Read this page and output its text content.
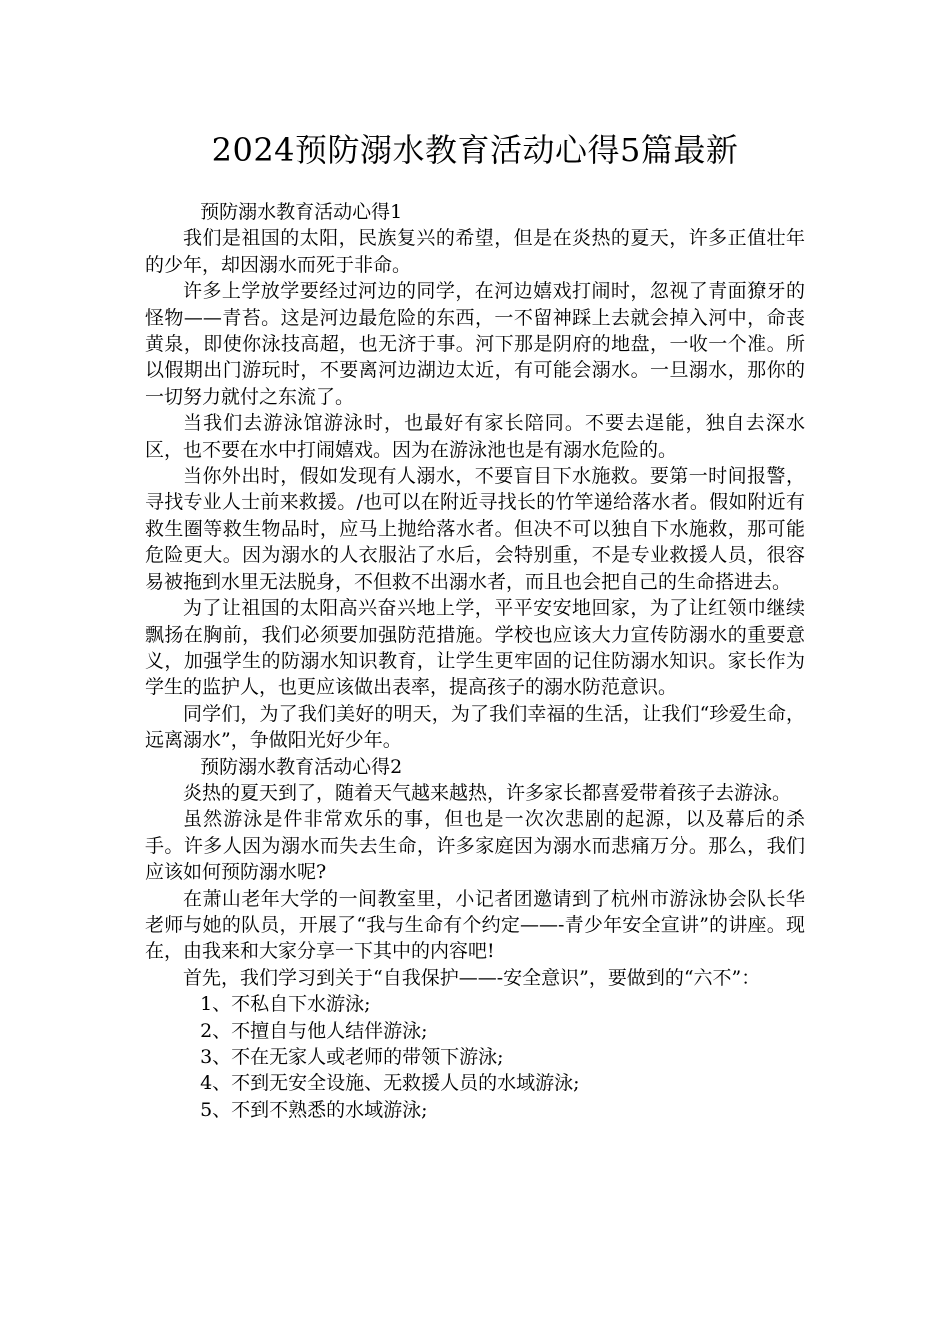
2024预防溺水教育活动心得5篇最新

预防溺水教育活动心得1

我们是祖国的太阳，民族复兴的希望，但是在炎热的夏天，许多正值壮年的少年，却因溺水而死于非命。

许多上学放学要经过河边的同学，在河边嬉戏打闹时，忽视了青面獠牙的怪物——青苔。这是河边最危险的东西，一不留神踩上去就会掉入河中，命丧黄泉，即使你泳技高超，也无济于事。河下那是阴府的地盘，一收一个准。所以假期出门游玩时，不要离河边湖边太近，有可能会溺水。一旦溺水，那你的一切努力就付之东流了。

当我们去游泳馆游泳时，也最好有家长陪同。不要去逞能，独自去深水区，也不要在水中打闹嬉戏。因为在游泳池也是有溺水危险的。

当你外出时，假如发现有人溺水，不要盲目下水施救。要第一时间报警，寻找专业人士前来救援。/也可以在附近寻找长的竹竿递给落水者。假如附近有救生圈等救生物品时，应马上抛给落水者。但决不可以独自下水施救，那可能危险更大。因为溺水的人衣服沾了水后，会特别重，不是专业救援人员，很容易被拖到水里无法脱身，不但救不出溺水者，而且也会把自己的生命搭进去。

为了让祖国的太阳高兴奋兴地上学，平平安安地回家，为了让红领巾继续飘扬在胸前，我们必须要加强防范措施。学校也应该大力宣传防溺水的重要意义，加强学生的防溺水知识教育，让学生更牢固的记住防溺水知识。家长作为学生的监护人，也更应该做出表率，提高孩子的溺水防范意识。

同学们，为了我们美好的明天，为了我们幸福的生活，让我们“珍爱生命，远离溺水”，争做阳光好少年。

预防溺水教育活动心得2

炎热的夏天到了，随着天气越来越热，许多家长都喜爱带着孩子去游泳。

虽然游泳是件非常欢乐的事，但也是一次次悲剧的起源，以及幕后的杀手。许多人因为溺水而失去生命，许多家庭因为溺水而悲痛万分。那么，我们应该如何预防溺水呢?

在萧山老年大学的一间教室里，小记者团邀请到了杭州市游泳协会队长华老师与她的队员，开展了“我与生命有个约定——-青少年安全宣讲”的讲座。现在，由我来和大家分享一下其中的内容吧!

首先，我们学习到关于“自我保护——-安全意识”，要做到的“六不”：

1、不私自下水游泳;

2、不擅自与他人结伴游泳;

3、不在无家人或老师的带领下游泳;

4、不到无安全设施、无救援人员的水域游泳;

5、不到不熟悉的水域游泳;
